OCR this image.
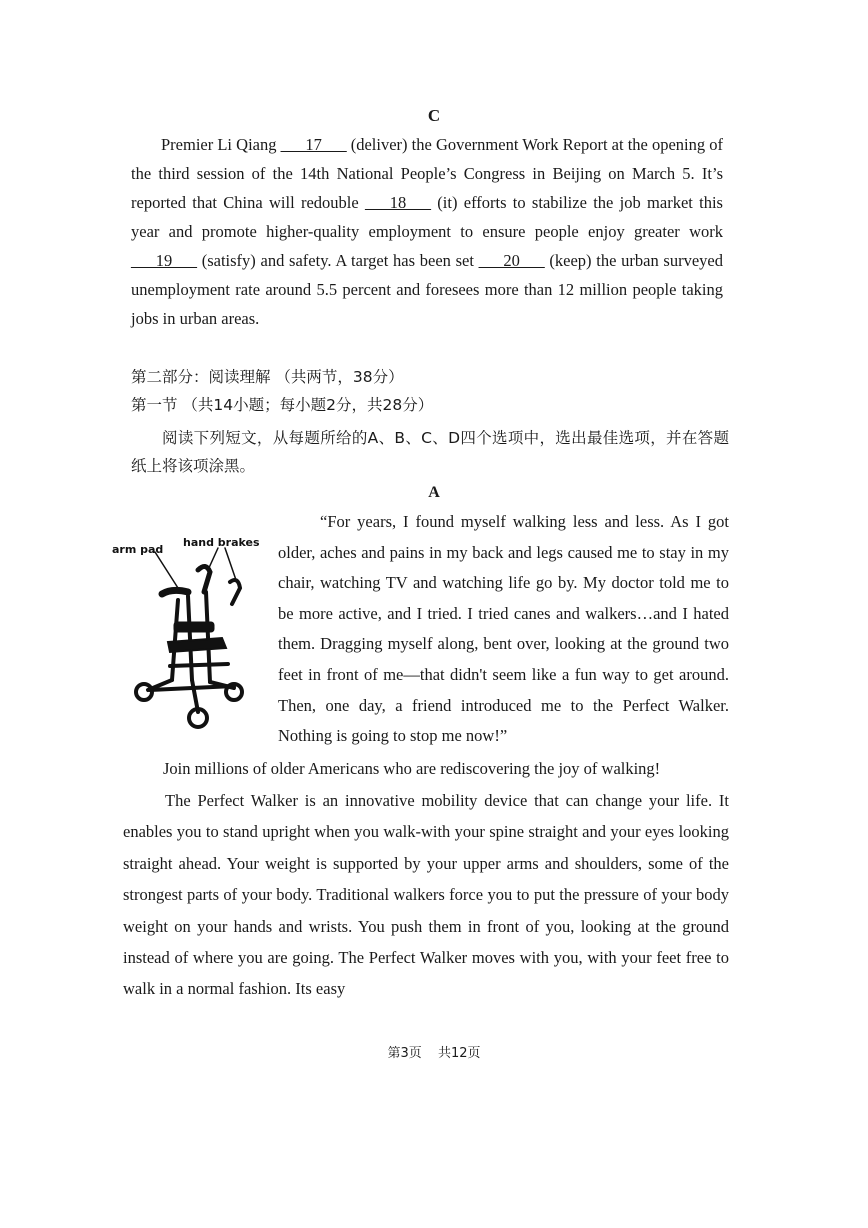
C
Premier Li Qiang ___17___ (deliver) the Government Work Report at the opening of the third session of the 14th National People’s Congress in Beijing on March 5. It’s reported that China will redouble ___18___ (it) efforts to stabilize the job market this year and promote higher-quality employment to ensure people enjoy greater work ___19___ (satisfy) and safety. A target has been set ___20___ (keep) the urban surveyed unemployment rate around 5.5 percent and foresees more than 12 million people taking jobs in urban areas.
第二部分：阅读理解 （共两节，38分）
第一节 （共14小题；每小题2分，共28分）
阅读下列短文，从每题所给的A、B、C、D四个选项中，选出最佳选项，并在答题纸上将该项涂黑。
A
arm pad
hand brakes
“For years, I found myself walking less and less. As I got older, aches and pains in my back and legs caused me to stay in my chair, watching TV and watching life go by. My doctor told me to be more active, and I tried. I tried canes and walkers…and I hated them. Dragging myself along, bent over, looking at the ground two feet in front of me—that didn't seem like a fun way to get around. Then, one day, a friend introduced me to the Perfect Walker. Nothing is going to stop me now!”
Join millions of older Americans who are rediscovering the joy of walking!
The Perfect Walker is an innovative mobility device that can change your life. It enables you to stand upright when you walk-with your spine straight and your eyes looking straight ahead. Your weight is supported by your upper arms and shoulders, some of the strongest parts of your body. Traditional walkers force you to put the pressure of your body weight on your hands and wrists. You push them in front of you, looking at the ground instead of where you are going. The Perfect Walker moves with you, with your feet free to walk in a normal fashion. Its easy
第3页 共12页
